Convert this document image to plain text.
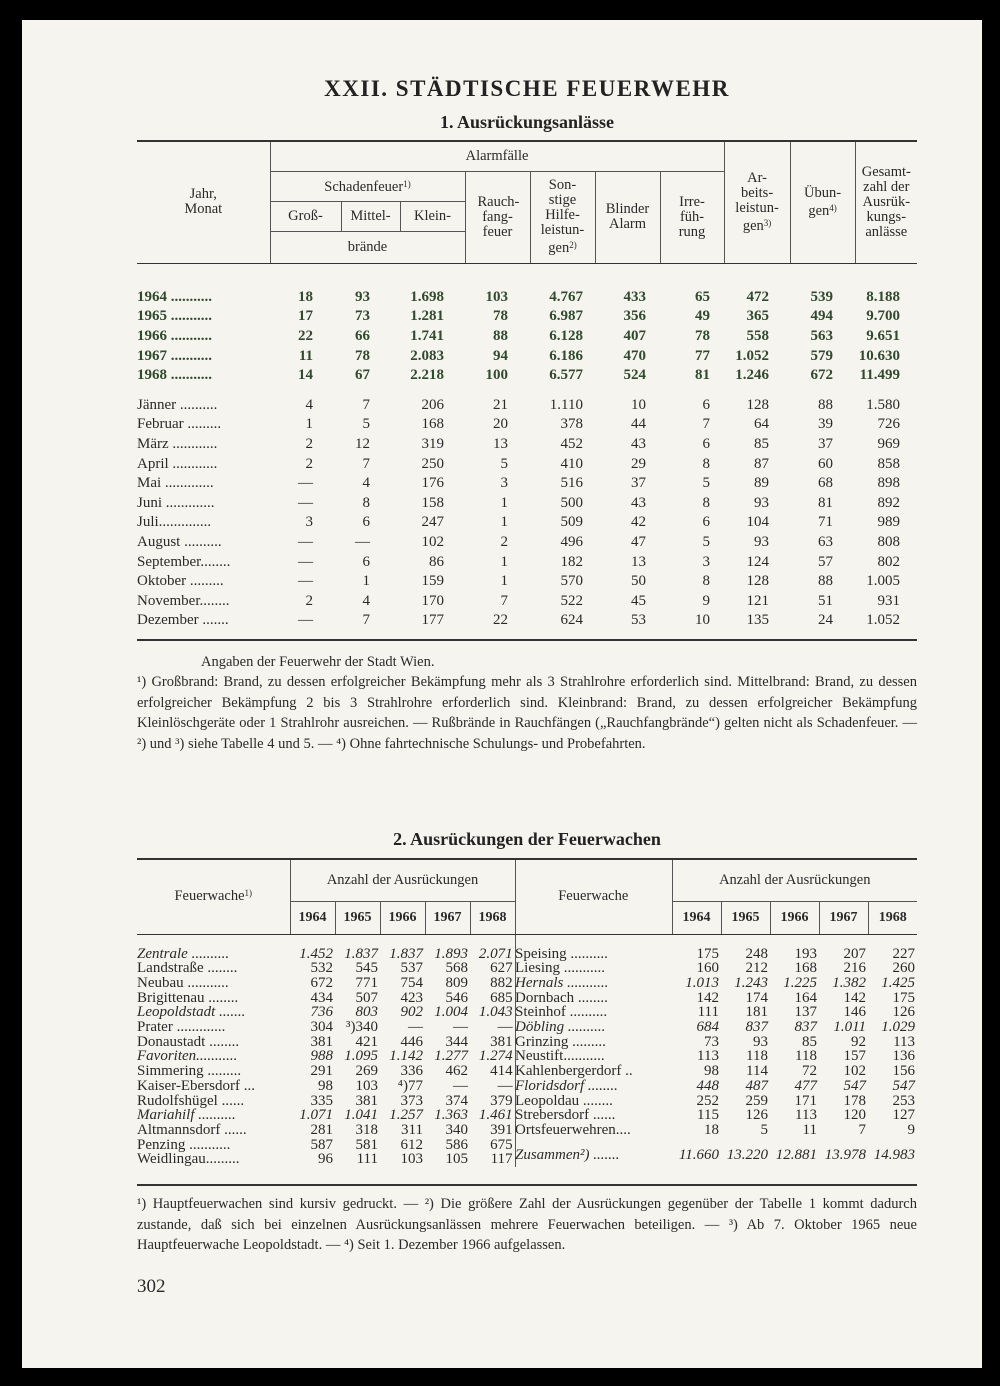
XXII. STÄDTISCHE FEUERWEHR
1. Ausrückungsanlässe
Jahr, Monat	Alarmfälle							Ar-beits-leistun-gen$^{3)}$	Übun-gen$^{4)}$	Gesamt-zahl der Ausrük-kungs-anlässe
	Schadenfeuer$^{1)}$			Rauch-fang-feuer	Son-stige Hilfe-leistun-gen$^{2)}$	Blinder Alarm	Irre-füh-rung			
	Groß-	Mittel-	Klein-							
	brände									

1964 ...........	18	93	1.698	103	4.767	433	65	472	539	8.188
1965 ...........	17	73	1.281	78	6.987	356	49	365	494	9.700
1966 ...........	22	66	1.741	88	6.128	407	78	558	563	9.651
1967 ...........	11	78	2.083	94	6.186	470	77	1.052	579	10.630
1968 ...........	14	67	2.218	100	6.577	524	81	1.246	672	11.499

Jänner ..........	4	7	206	21	1.110	10	6	128	88	1.580
Februar .........	1	5	168	20	378	44	7	64	39	726
März ............	2	12	319	13	452	43	6	85	37	969
April ............	2	7	250	5	410	29	8	87	60	858
Mai .............	—	4	176	3	516	37	5	89	68	898
Juni .............	—	8	158	1	500	43	8	93	81	892
Juli..............	3	6	247	1	509	42	6	104	71	989
August ..........	—	—	102	2	496	47	5	93	63	808
September........	—	6	86	1	182	13	3	124	57	802
Oktober .........	—	1	159	1	570	50	8	128	88	1.005
November........	2	4	170	7	522	45	9	121	51	931
Dezember .......	—	7	177	22	624	53	10	135	24	1.052

Angaben der Feuerwehr der Stadt Wien.
¹) Großbrand: Brand, zu dessen erfolgreicher Bekämpfung mehr als 3 Strahlrohre erforderlich sind. Mittelbrand: Brand, zu dessen erfolgreicher Bekämpfung 2 bis 3 Strahlrohre erforderlich sind. Kleinbrand: Brand, zu dessen erfolgreicher Bekämpfung Kleinlöschgeräte oder 1 Strahlrohr ausreichen. — Rußbrände in Rauchfängen („Rauchfangbrände“) gelten nicht als Schadenfeuer. — ²) und ³) siehe Tabelle 4 und 5. — ⁴) Ohne fahrtechnische Schulungs- und Probefahrten.
2. Ausrückungen der Feuerwachen
Feuerwache$^{1)}$	Anzahl der Ausrückungen				
	1964	1965	1966	1967	1968

Zentrale ..........	1.452	1.837	1.837	1.893	2.071
Landstraße ........	532	545	537	568	627
Neubau ...........	672	771	754	809	882
Brigittenau ........	434	507	423	546	685
Leopoldstadt .......	736	803	902	1.004	1.043
Prater .............	304	³)340	—	—	—
Donaustadt ........	381	421	446	344	381
Favoriten...........	988	1.095	1.142	1.277	1.274
Simmering .........	291	269	336	462	414
Kaiser-Ebersdorf ...	98	103	⁴)77	—	—
Rudolfshügel ......	335	381	373	374	379
Mariahilf ..........	1.071	1.041	1.257	1.363	1.461
Altmannsdorf ......	281	318	311	340	391
Penzing ...........	587	581	612	586	675
Weidlingau.........	96	111	103	105	117
Feuerwache	Anzahl der Ausrückungen				
	1964	1965	1966	1967	1968

Speising ..........	175	248	193	207	227
Liesing ...........	160	212	168	216	260
Hernals ...........	1.013	1.243	1.225	1.382	1.425
Dornbach ........	142	174	164	142	175
Steinhof ..........	111	181	137	146	126
Döbling ..........	684	837	837	1.011	1.029
Grinzing .........	73	93	85	92	113
Neustift...........	113	118	118	157	136
Kahlenbergerdorf ..	98	114	72	102	156
Floridsdorf ........	448	487	477	547	547
Leopoldau ........	252	259	171	178	253
Strebersdorf ......	115	126	113	120	127
Ortsfeuerwehren....	18	5	11	7	9

Zusammen²) .......	11.660	13.220	12.881	13.978	14.983
¹) Hauptfeuerwachen sind kursiv gedruckt. — ²) Die größere Zahl der Ausrückungen gegenüber der Tabelle 1 kommt dadurch zustande, daß sich bei einzelnen Ausrückungsanlässen mehrere Feuerwachen beteiligen. — ³) Ab 7. Oktober 1965 neue Hauptfeuerwache Leopoldstadt. — ⁴) Seit 1. Dezember 1966 aufgelassen.
302
